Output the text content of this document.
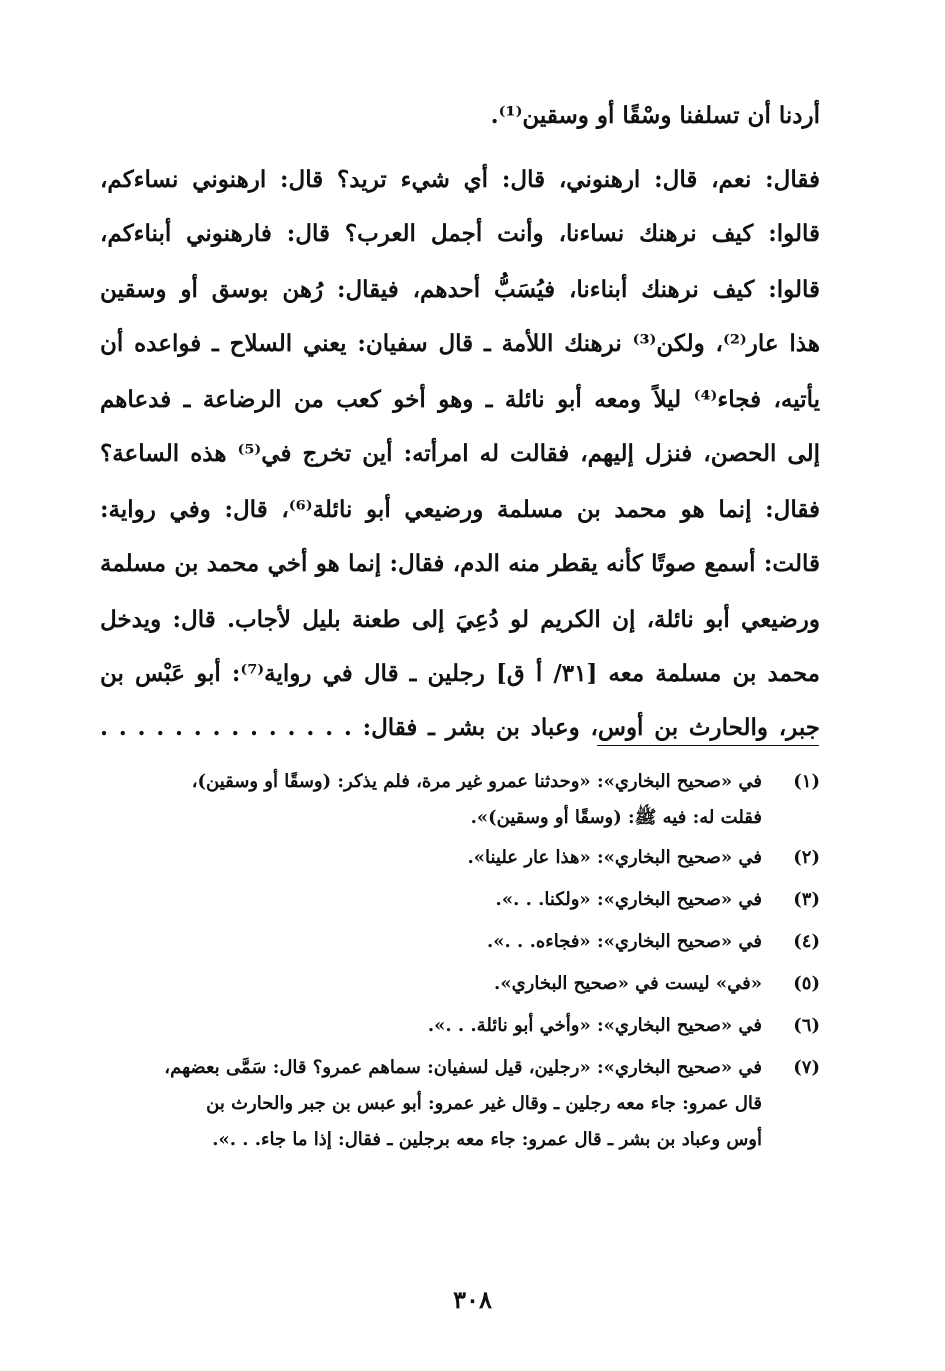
أردنا أن تسلفنا وسْقًا أو وسقين⁽¹⁾.
فقال: نعم، قال: ارهنوني، قال: أي شيء تريد؟ قال: ارهنوني نساءكم،
قالوا: كيف نرهنك نساءنا، وأنت أجمل العرب؟ قال: فارهنوني أبناءكم،
قالوا: كيف نرهنك أبناءنا، فيُسَبُّ أحدهم، فيقال: رُهن بوسق أو وسقين
هذا عار⁽²⁾، ولكن⁽³⁾ نرهنك اللأمة ـ قال سفيان: يعني السلاح ـ فواعده أن
يأتيه، فجاء⁽⁴⁾ ليلاً ومعه أبو نائلة ـ وهو أخو كعب من الرضاعة ـ فدعاهم
إلى الحصن، فنزل إليهم، فقالت له امرأته: أين تخرج في⁽⁵⁾ هذه الساعة؟
فقال: إنما هو محمد بن مسلمة ورضيعي أبو نائلة⁽⁶⁾، قال: وفي رواية:
قالت: أسمع صوتًا كأنه يقطر منه الدم، فقال: إنما هو أخي محمد بن مسلمة
ورضيعي أبو نائلة، إن الكريم لو دُعِيَ إلى طعنة بليل لأجاب. قال: ويدخل
محمد بن مسلمة معه [٣١/ أ ق] رجلين ـ قال في رواية⁽⁷⁾: أبو عَبْس بن
جبر، والحارث بن أوس، وعباد بن بشر ـ فقال: . . . . . . . . . . . . . .
(١)
في «صحيح البخاري»: «وحدثنا عمرو غير مرة، فلم يذكر: (وسقًا أو وسقين)،
فقلت له: فيه ﷺ: (وسقًا أو وسقين)».
(٢)
في «صحيح البخاري»: «هذا عار علينا».
(٣)
في «صحيح البخاري»: «ولكنا. . .».
(٤)
في «صحيح البخاري»: «فجاءه. . .».
(٥)
«في» ليست في «صحيح البخاري».
(٦)
في «صحيح البخاري»: «وأخي أبو نائلة. . .».
(٧)
في «صحيح البخاري»: «رجلين، قيل لسفيان: سماهم عمرو؟ قال: سَمَّى بعضهم،
قال عمرو: جاء معه رجلين ـ وقال غير عمرو: أبو عبس بن جبر والحارث بن
أوس وعباد بن بشر ـ قال عمرو: جاء معه برجلين ـ فقال: إذا ما جاء. . .».
٣٠٨
